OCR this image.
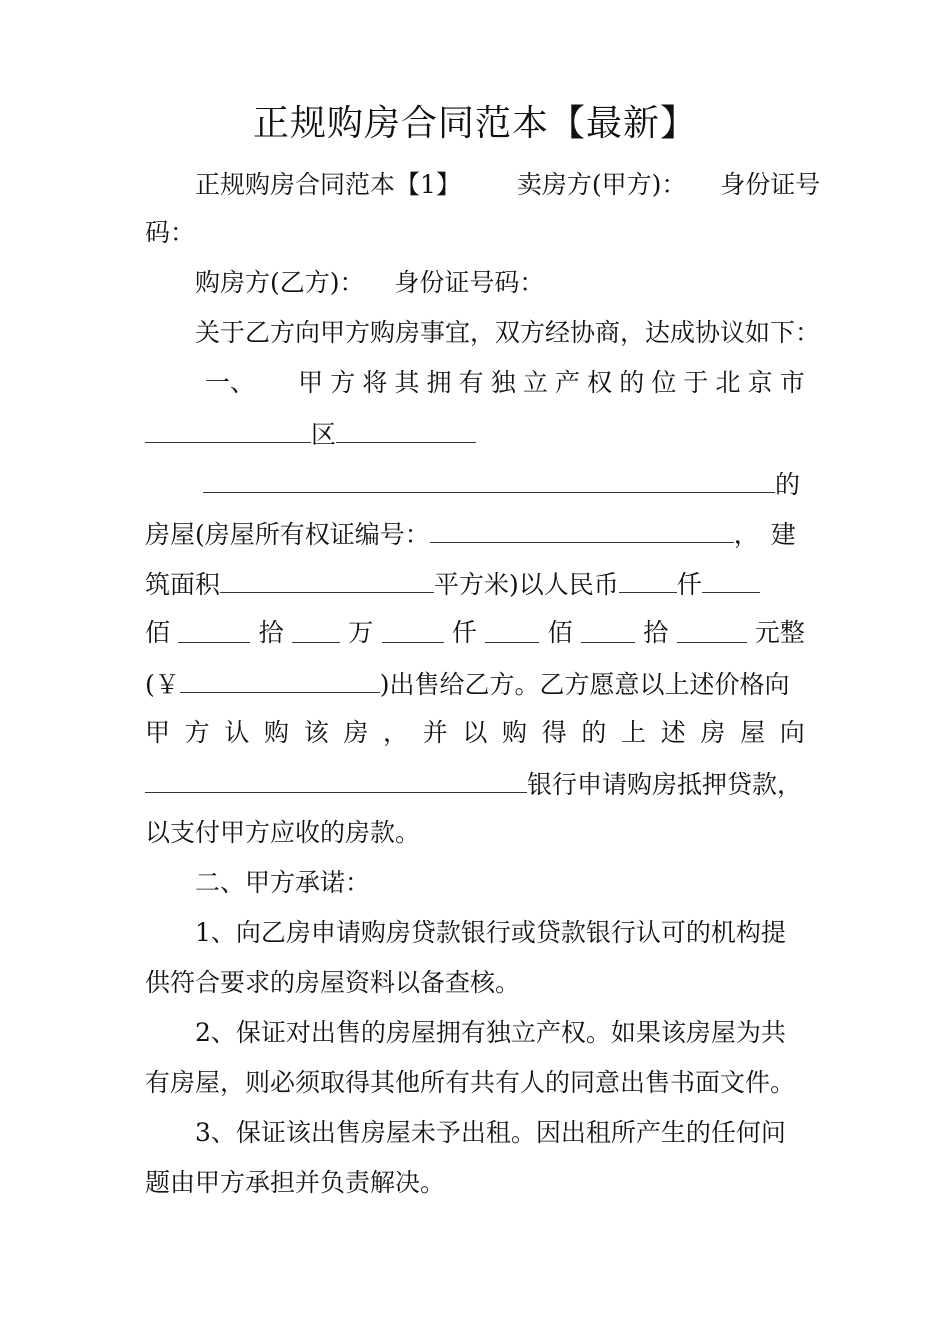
正规购房合同范本【最新】
正规购房合同范本【1】 卖房方(甲方)： 身份证号
码：
购房方(乙方)： 身份证号码：
关于乙方向甲方购房事宜，双方经协商，达成协议如下：
一、 甲 方 将 其 拥 有 独 立 产 权 的 位 于 北 京 市
区
的
房屋(房屋所有权证编号：	，建
筑面积	平方米)以人民币 仟
佰	拾	万	仟	佰	拾	元整
(￥	)出售给乙方。乙方愿意以上述价格向
甲 方 认 购 该 房 ， 并 以 购 得 的 上 述 房 屋 向
银行申请购房抵押贷款，
以支付甲方应收的房款。
二、甲方承诺：
1、向乙房申请购房贷款银行或贷款银行认可的机构提
供符合要求的房屋资料以备查核。
2、保证对出售的房屋拥有独立产权。如果该房屋为共
有房屋，则必须取得其他所有共有人的同意出售书面文件。
3、保证该出售房屋未予出租。因出租所产生的任何问
题由甲方承担并负责解决。
